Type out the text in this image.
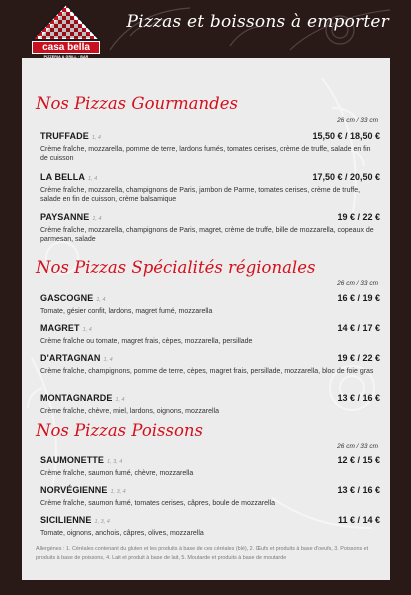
Pizzas et boissons à emporter
casa bella
PIZZERIA & GRILL · BAR
Nos Pizzas Gourmandes
26 cm / 33 cm
TRUFFADE 1, 4	15,50 € / 18,50 €
Crème fraîche, mozzarella, pomme de terre, lardons fumés, tomates cerises, crème de truffe, salade en fin de cuisson
LA BELLA 1, 4	17,50 € / 20,50 €
Crème fraîche, mozzarella, champignons de Paris, jambon de Parme, tomates cerises, crème de truffe, salade en fin de cuisson, crème balsamique
PAYSANNE 1, 4	19 € / 22 €
Crème fraîche, mozzarella, champignons de Paris, magret, crème de truffe, bille de mozzarella, copeaux de parmesan, salade
Nos Pizzas Spécialités régionales
26 cm / 33 cm
GASCOGNE 1, 4	16 € / 19 €
Tomate, gésier confit, lardons, magret fumé, mozzarella
MAGRET 1, 4	14 € / 17 €
Crème fraîche ou tomate, magret frais, cèpes, mozzarella, persillade
D'ARTAGNAN 1, 4	19 € / 22 €
Crème fraîche, champignons, pomme de terre, cèpes, magret frais, persillade, mozzarella, bloc de foie gras
MONTAGNARDE 1, 4	13 € / 16 €
Crème fraîche, chèvre, miel, lardons, oignons, mozzarella
Nos Pizzas Poissons
26 cm / 33 cm
SAUMONETTE 1, 3, 4	12 € / 15 €
Crème fraîche, saumon fumé, chèvre, mozzarella
NORVÉGIENNE 1, 3, 4	13 € / 16 €
Crème fraîche, saumon fumé, tomates cerises, câpres, boule de mozzarella
SICILIENNE 1, 3, 4	11 € / 14 €
Tomate, oignons, anchois, câpres, olives, mozzarella
Allergènes : 1. Céréales contenant du gluten et les produits à base de ces céréales (blé), 2. Œufs et produits à base d'oeufs, 3. Poissons et produits à base de poissons, 4. Lait et produit à base de lait, 5. Moutarde et produits à base de moutarde
